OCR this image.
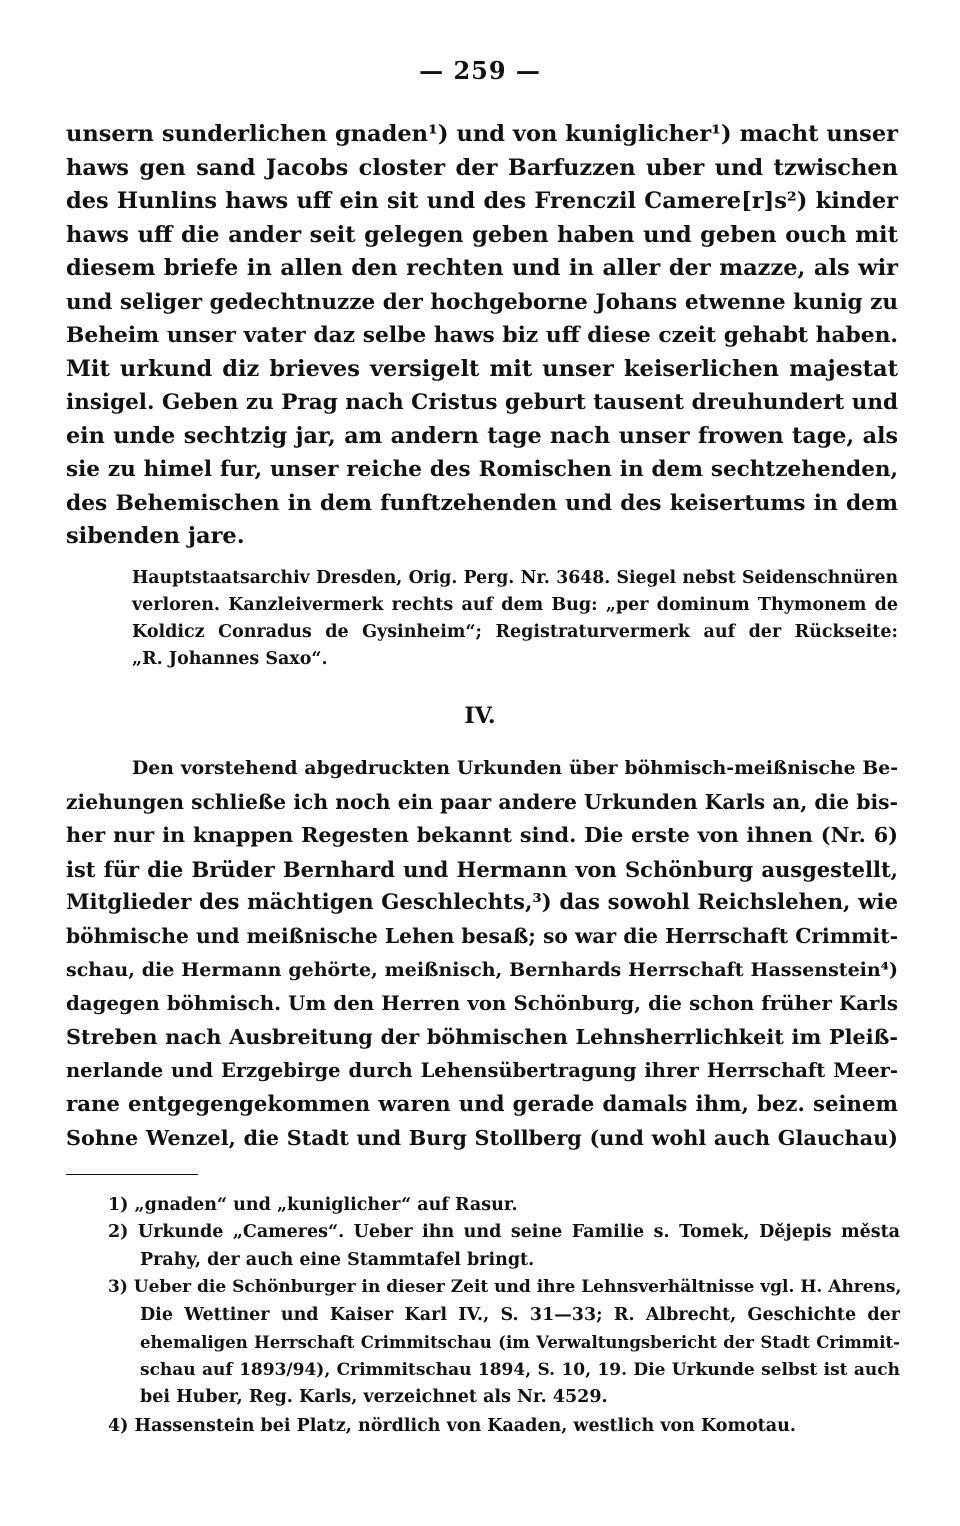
— 259 —
unsern sunderlichen gnaden¹) und von kuniglicher¹) macht unser
haws gen sand Jacobs closter der Barfuzzen uber und tzwischen
des Hunlins haws uff ein sit und des Frenczil Camere[r]s²) kinder
haws uff die ander seit gelegen geben haben und geben ouch mit
diesem briefe in allen den rechten und in aller der mazze, als wir
und seliger gedechtnuzze der hochgeborne Johans etwenne kunig zu
Beheim unser vater daz selbe haws biz uff diese czeit gehabt haben.
Mit urkund diz brieves versigelt mit unser keiserlichen majestat
insigel. Geben zu Prag nach Cristus geburt tausent dreuhundert und
ein unde sechtzig jar, am andern tage nach unser frowen tage, als
sie zu himel fur, unser reiche des Romischen in dem sechtzehenden,
des Behemischen in dem funftzehenden und des keisertums in dem
sibenden jare.
Hauptstaatsarchiv Dresden, Orig. Perg. Nr. 3648. Siegel nebst Seidenschnüren
verloren. Kanzleivermerk rechts auf dem Bug: „per dominum Thymonem de
Koldicz Conradus de Gysinheim“; Registraturvermerk auf der Rückseite:
„R. Johannes Saxo“.
IV.
Den vorstehend abgedruckten Urkunden über böhmisch-meißnische Be-
ziehungen schließe ich noch ein paar andere Urkunden Karls an, die bis-
her nur in knappen Regesten bekannt sind. Die erste von ihnen (Nr. 6)
ist für die Brüder Bernhard und Hermann von Schönburg ausgestellt,
Mitglieder des mächtigen Geschlechts,³) das sowohl Reichslehen, wie
böhmische und meißnische Lehen besaß; so war die Herrschaft Crimmit-
schau, die Hermann gehörte, meißnisch, Bernhards Herrschaft Hassenstein⁴)
dagegen böhmisch. Um den Herren von Schönburg, die schon früher Karls
Streben nach Ausbreitung der böhmischen Lehnsherrlichkeit im Pleiß-
nerlande und Erzgebirge durch Lehensübertragung ihrer Herrschaft Meer-
rane entgegengekommen waren und gerade damals ihm, bez. seinem
Sohne Wenzel, die Stadt und Burg Stollberg (und wohl auch Glauchau)
1) „gnaden“ und „kuniglicher“ auf Rasur.
2) Urkunde „Cameres“. Ueber ihn und seine Familie s. Tomek, Dějepis města
Prahy, der auch eine Stammtafel bringt.
3) Ueber die Schönburger in dieser Zeit und ihre Lehnsverhältnisse vgl. H. Ahrens,
Die Wettiner und Kaiser Karl IV., S. 31—33; R. Albrecht, Geschichte der
ehemaligen Herrschaft Crimmitschau (im Verwaltungsbericht der Stadt Crimmit-
schau auf 1893/94), Crimmitschau 1894, S. 10, 19. Die Urkunde selbst ist auch
bei Huber, Reg. Karls, verzeichnet als Nr. 4529.
4) Hassenstein bei Platz, nördlich von Kaaden, westlich von Komotau.
